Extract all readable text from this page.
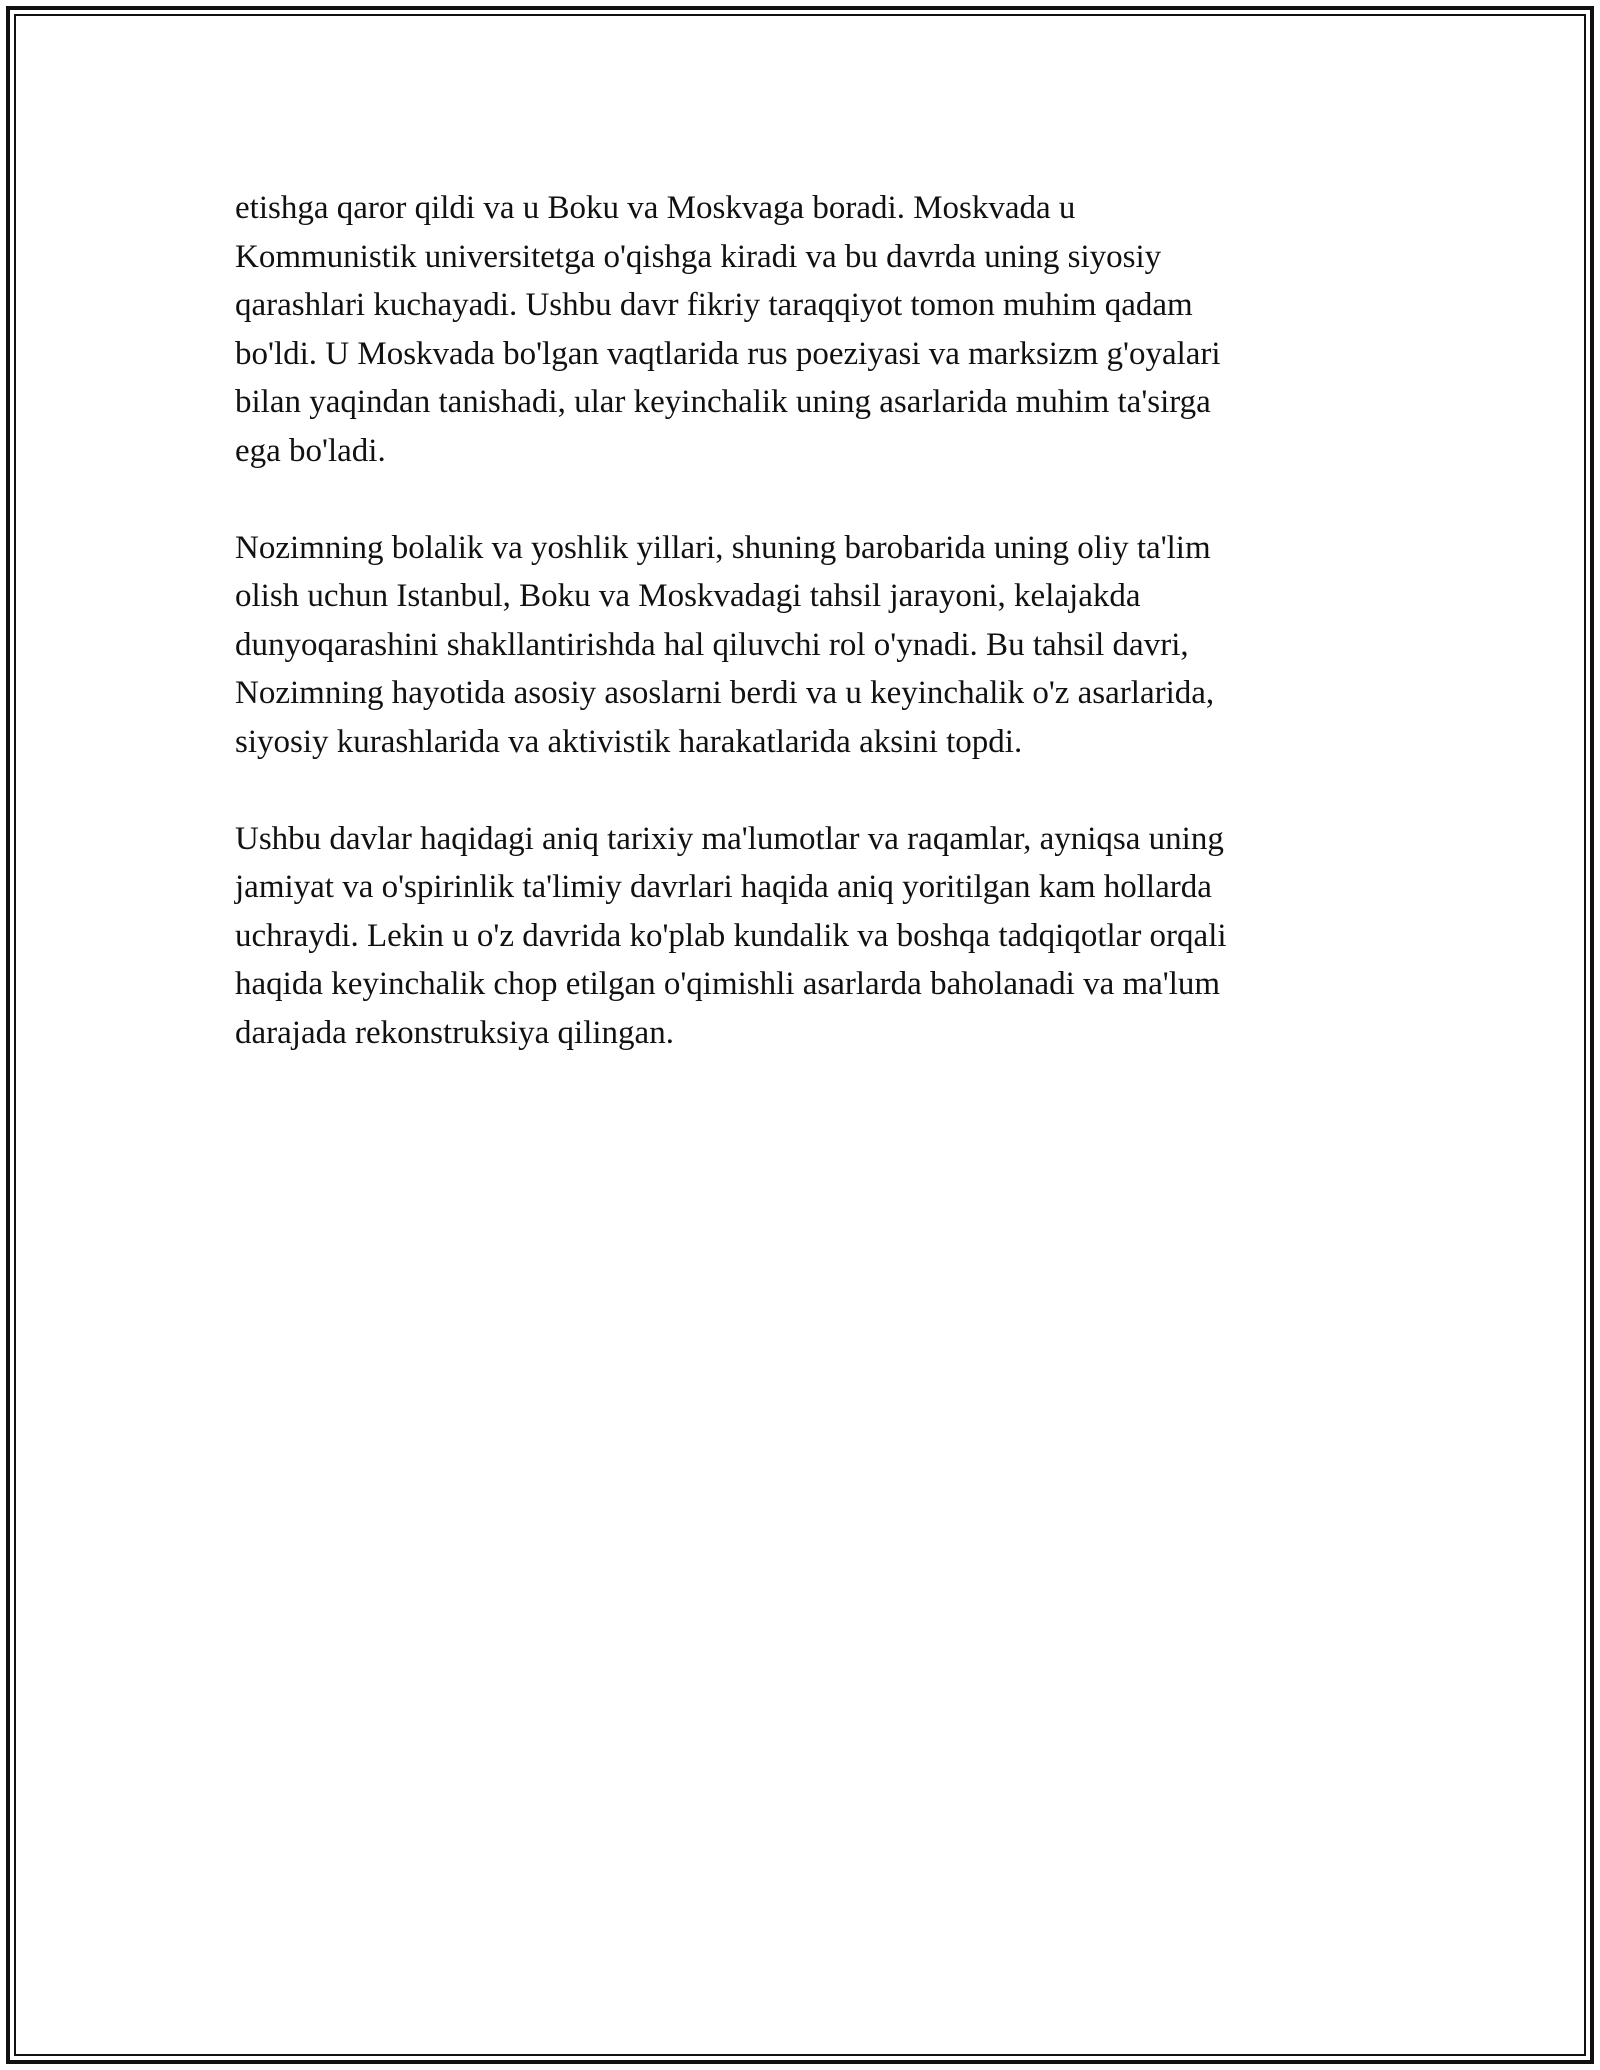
etishga qaror qildi va u Boku va Moskvaga boradi. Moskvada u
Kommunistik universitetga o'qishga kiradi va bu davrda uning siyosiy
qarashlari kuchayadi. Ushbu davr fikriy taraqqiyot tomon muhim qadam
bo'ldi. U Moskvada bo'lgan vaqtlarida rus poeziyasi va marksizm g'oyalari
bilan yaqindan tanishadi, ular keyinchalik uning asarlarida muhim ta'sirga
ega bo'ladi.

Nozimning bolalik va yoshlik yillari, shuning barobarida uning oliy ta'lim
olish uchun Istanbul, Boku va Moskvadagi tahsil jarayoni, kelajakda
dunyoqarashini shakllantirishda hal qiluvchi rol o'ynadi. Bu tahsil davri,
Nozimning hayotida asosiy asoslarni berdi va u keyinchalik o'z asarlarida,
siyosiy kurashlarida va aktivistik harakatlarida aksini topdi.

Ushbu davlar haqidagi aniq tarixiy ma'lumotlar va raqamlar, ayniqsa uning
jamiyat va o'spirinlik ta'limiy davrlari haqida aniq yoritilgan kam hollarda
uchraydi. Lekin u o'z davrida ko'plab kundalik va boshqa tadqiqotlar orqali
haqida keyinchalik chop etilgan o'qimishli asarlarda baholanadi va ma'lum
darajada rekonstruksiya qilingan.
